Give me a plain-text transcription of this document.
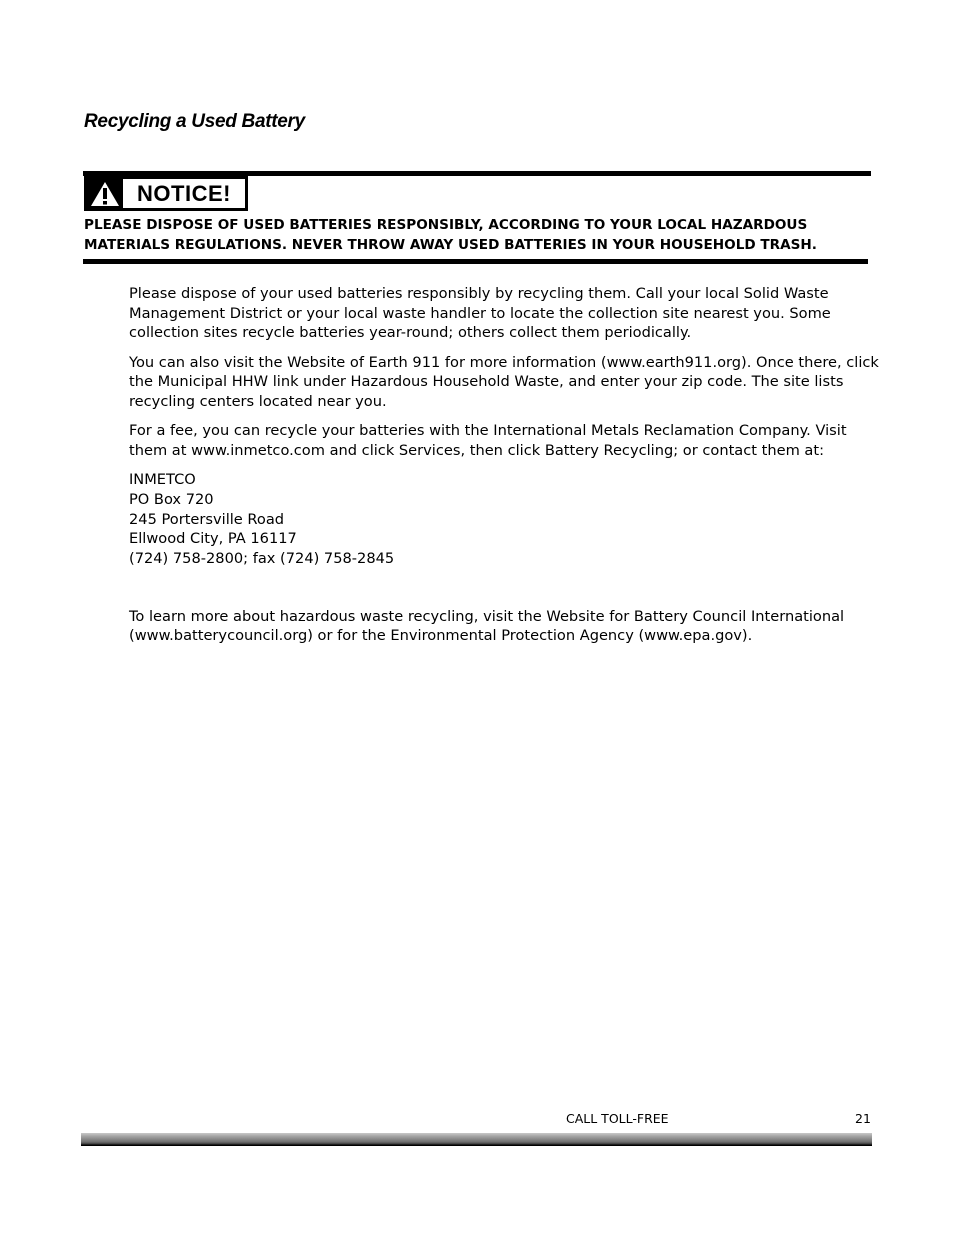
Recycling a Used Battery
NOTICE!
PLEASE DISPOSE OF USED BATTERIES RESPONSIBLY, ACCORDING TO YOUR LOCAL HAZARDOUS
MATERIALS REGULATIONS. NEVER THROW AWAY USED BATTERIES IN YOUR HOUSEHOLD TRASH.

Please dispose of your used batteries responsibly by recycling them. Call your local Solid Waste Management District or your local waste handler to locate the collection site nearest you. Some collection sites recycle batteries year-round; others collect them periodically.

You can also visit the Website of Earth 911 for more information (www.earth911.org). Once there, click the Municipal HHW link under Hazardous Household Waste, and enter your zip code. The site lists recycling centers located near you.

For a fee, you can recycle your batteries with the International Metals Reclamation Company. Visit them at www.inmetco.com and click Services, then click Battery Recycling; or contact them at:

INMETCO
PO Box 720
245 Portersville Road
Ellwood City, PA 16117
(724) 758-2800; fax (724) 758-2845

To learn more about hazardous waste recycling, visit the Website for Battery Council International (www.batterycouncil.org) or for the Environmental Protection Agency (www.epa.gov).

CALL TOLL-FREE	21
